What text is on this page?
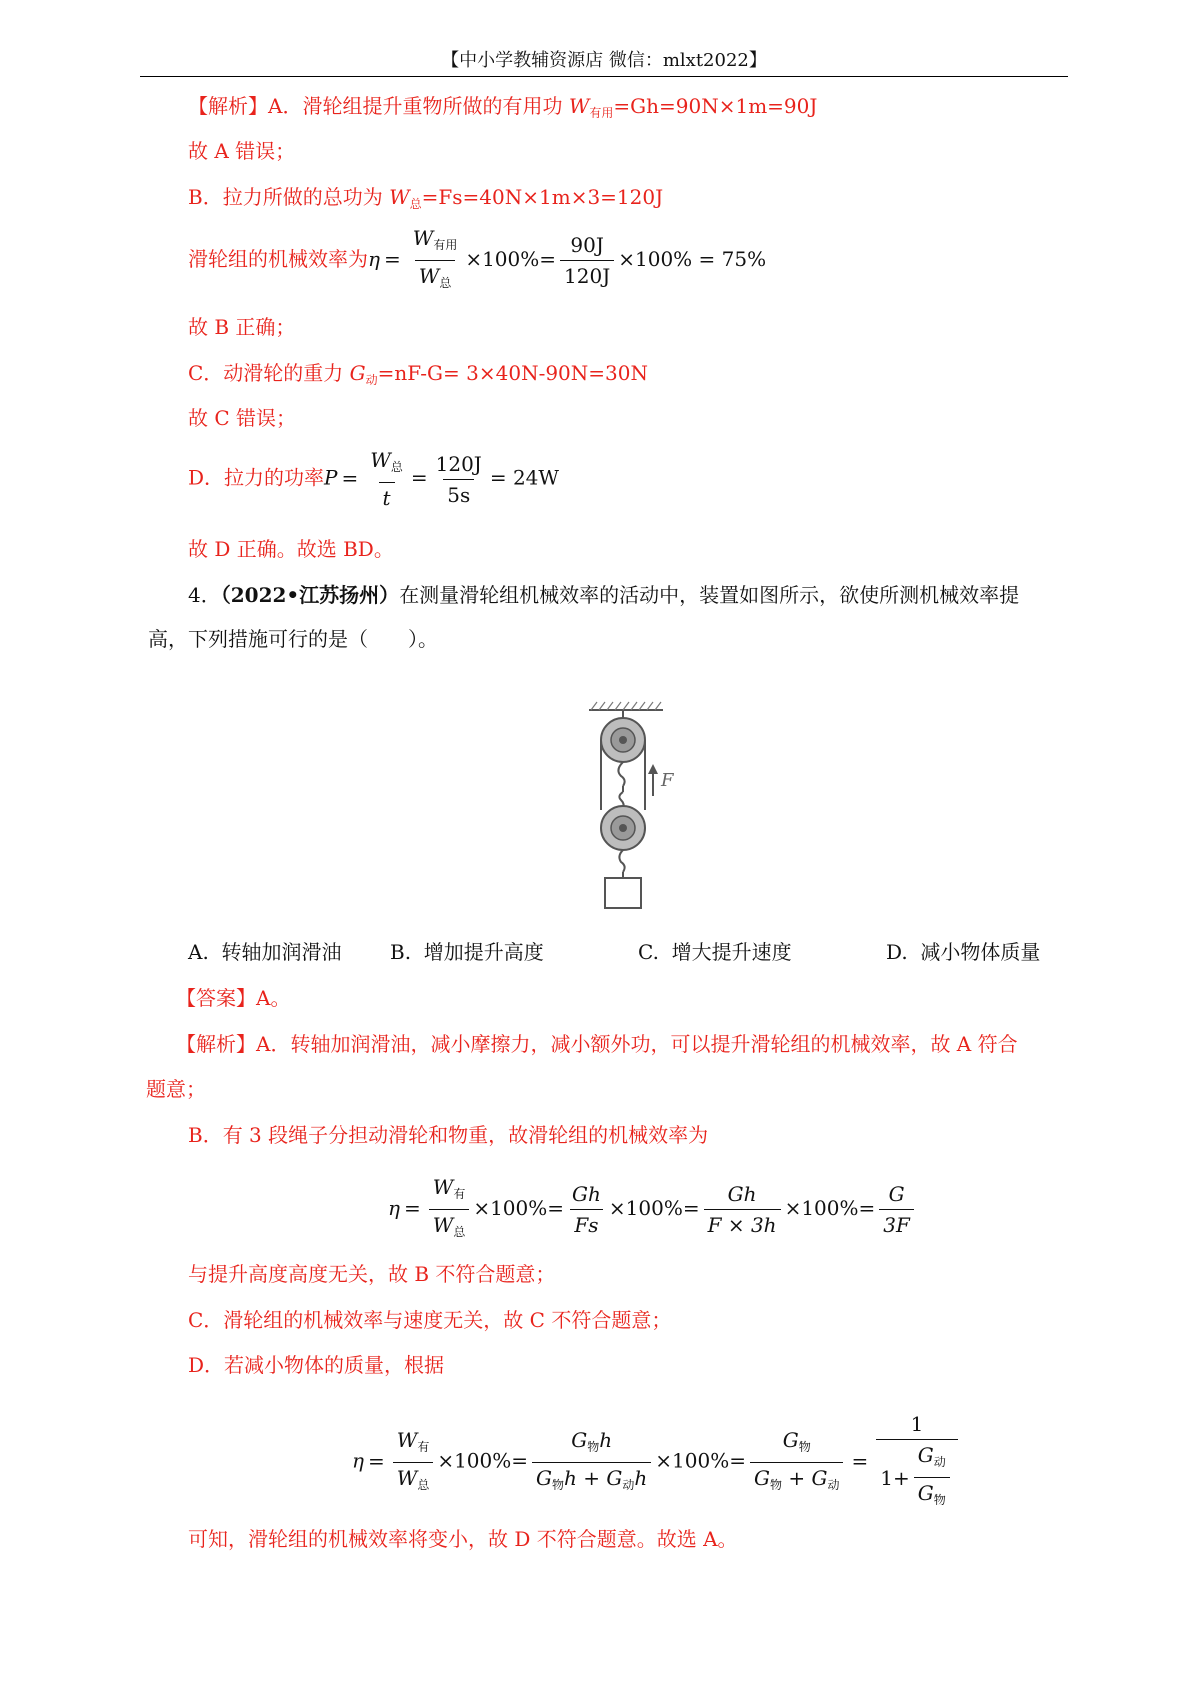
【中小学教辅资源店 微信：mlxt2022】
【解析】A．滑轮组提升重物所做的有用功 $W_{有用}=Gh=90N\times 1m=90J$
故 A 错误；
B．拉力所做的总功为 $W_总=Fs=40N\times 1m\times 3=120J$
滑轮组的机械效率为$\eta = \frac{W_{有用}}{W_总} \times 100\%= \frac{90J}{120J} \times 100\% = 75\%$
故 B 正确；
C．动滑轮的重力 $G_动=nF-G= 3\times 40N-90N=30N$
故 C 错误；
D．拉力的功率$P = \frac{W_总}{t} = \frac{120J}{5s} = 24W$
故 D 正确。故选 BD。
4．（2022•江苏扬州）在测量滑轮组机械效率的活动中，装置如图所示，欲使所测机械效率提
高，下列措施可行的是（　　）。
F
A. 转轴加润滑油 B. 增加提升高度	C. 增大提升速度	D. 减小物体质量
【答案】A。
【解析】A．转轴加润滑油，减小摩擦力，减小额外功，可以提升滑轮组的机械效率，故 A 符合
题意；
B．有 3 段绳子分担动滑轮和物重，故滑轮组的机械效率为
$\eta = \frac{W_有}{W_总} \times 100\%= \frac{Gh}{Fs} \times 100\%= \frac{Gh}{F \times 3h} \times 100\%= \frac{G}{3F}$
与提升高度高度无关，故 B 不符合题意；
C．滑轮组的机械效率与速度无关，故 C 不符合题意；
D．若减小物体的质量，根据
$\eta = \frac{W_有}{W_总} \times 100\%= \frac{G_物h}{G_物h + G_动h} \times 100\%= \frac{G_物}{G_物 + G_动} = \frac{1}{1+ \frac{G_动}{G_物}}$
可知，滑轮组的机械效率将变小，故 D 不符合题意。故选 A。
